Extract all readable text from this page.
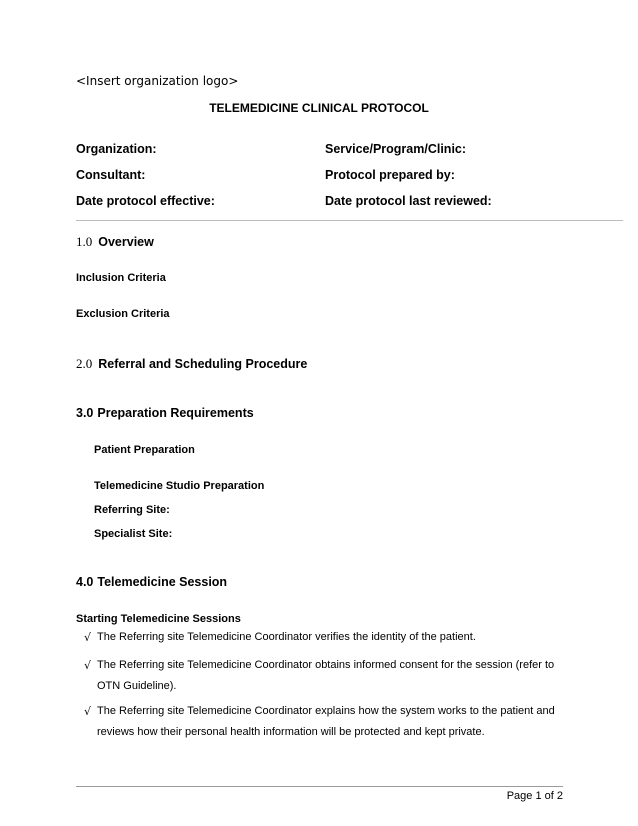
<Insert organization logo>
TELEMEDICINE CLINICAL PROTOCOL
Organization:	Service/Program/Clinic:
Consultant:	Protocol prepared by:
Date protocol effective:	Date protocol last reviewed:
1.0 Overview
Inclusion Criteria
Exclusion Criteria
2.0 Referral and Scheduling Procedure
3.0 Preparation Requirements
Patient Preparation
Telemedicine Studio Preparation
Referring Site:
Specialist Site:
4.0 Telemedicine Session
Starting Telemedicine Sessions
√ The Referring site Telemedicine Coordinator verifies the identity of the patient.
√ The Referring site Telemedicine Coordinator obtains informed consent for the session (refer to OTN Guideline).
√ The Referring site Telemedicine Coordinator explains how the system works to the patient and reviews how their personal health information will be protected and kept private.
Page 1 of 2
